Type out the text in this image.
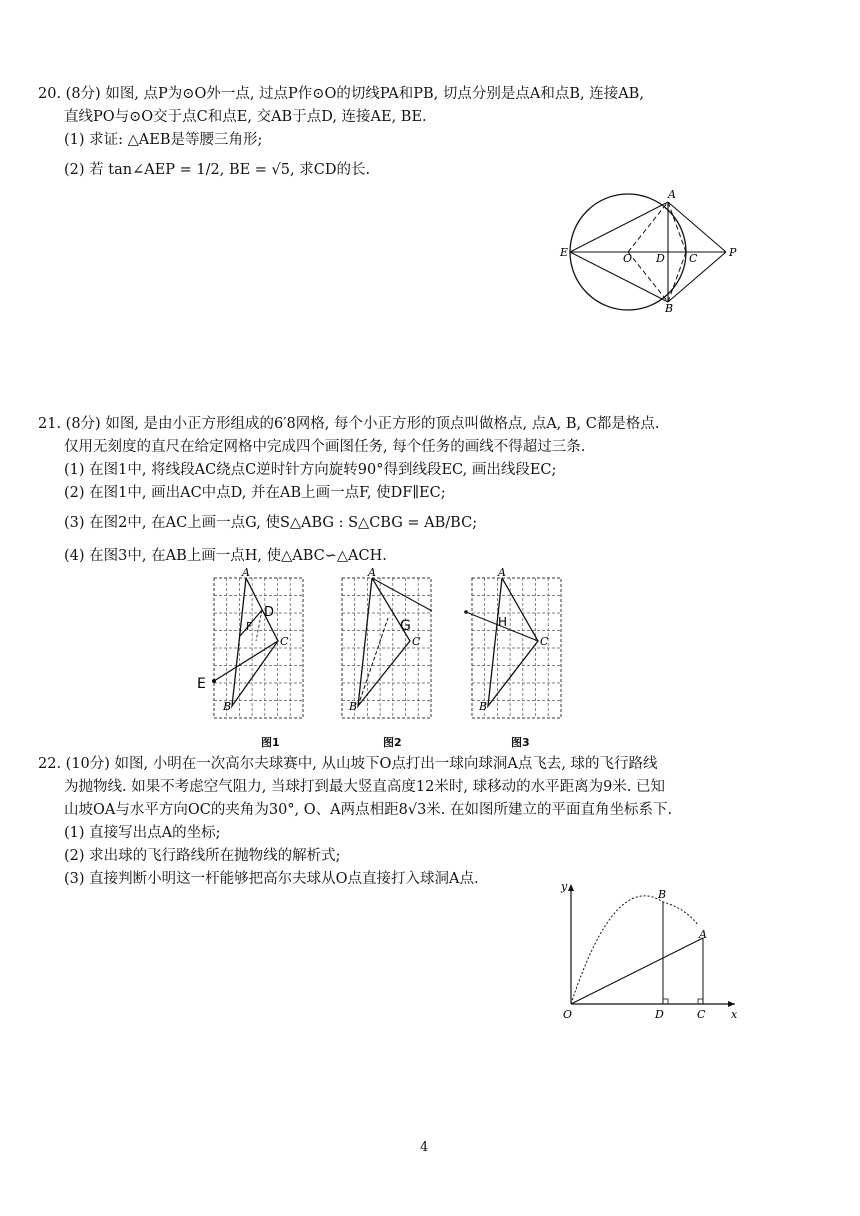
20. (8分) 如图, 点P为⊙O外一点, 过点P作⊙O的切线PA和PB, 切点分别是点A和点B, 连接AB,
直线PO与⊙O交于点C和点E, 交AB于点D, 连接AE, BE.
(1) 求证: △AEB是等腰三角形;
(2) 若 tan∠AEP = 1/2, BE = √5, 求CD的长.
A
B
C
D
E	O	P
21. (8分) 如图, 是由小正方形组成的6′8网格, 每个小正方形的顶点叫做格点, 点A, B, C都是格点.
仅用无刻度的直尺在给定网格中完成四个画图任务, 每个任务的画线不得超过三条.
(1) 在图1中, 将线段AC绕点C逆时针方向旋转90°得到线段EC, 画出线段EC;
(2) 在图1中, 画出AC中点D, 并在AB上画一点F, 使DF∥EC;
(3) 在图2中, 在AC上画一点G, 使S△ABG : S△CBG = AB/BC;
(4) 在图3中, 在AB上画一点H, 使△ABC∽△ACH.
A
B
C
D
E
F
A
B
C
G
A
B
C
H
图1	图2	图3
22. (10分) 如图, 小明在一次高尔夫球赛中, 从山坡下O点打出一球向球洞A点飞去, 球的飞行路线
为抛物线. 如果不考虑空气阻力, 当球打到最大竖直高度12米时, 球移动的水平距离为9米. 已知
山坡OA与水平方向OC的夹角为30°, O、A两点相距8√3米. 在如图所建立的平面直角坐标系下.
(1) 直接写出点A的坐标;
(2) 求出球的飞行路线所在抛物线的解析式;
(3) 直接判断小明这一杆能够把高尔夫球从O点直接打入球洞A点.
O
B
A
D	C x
y
4
